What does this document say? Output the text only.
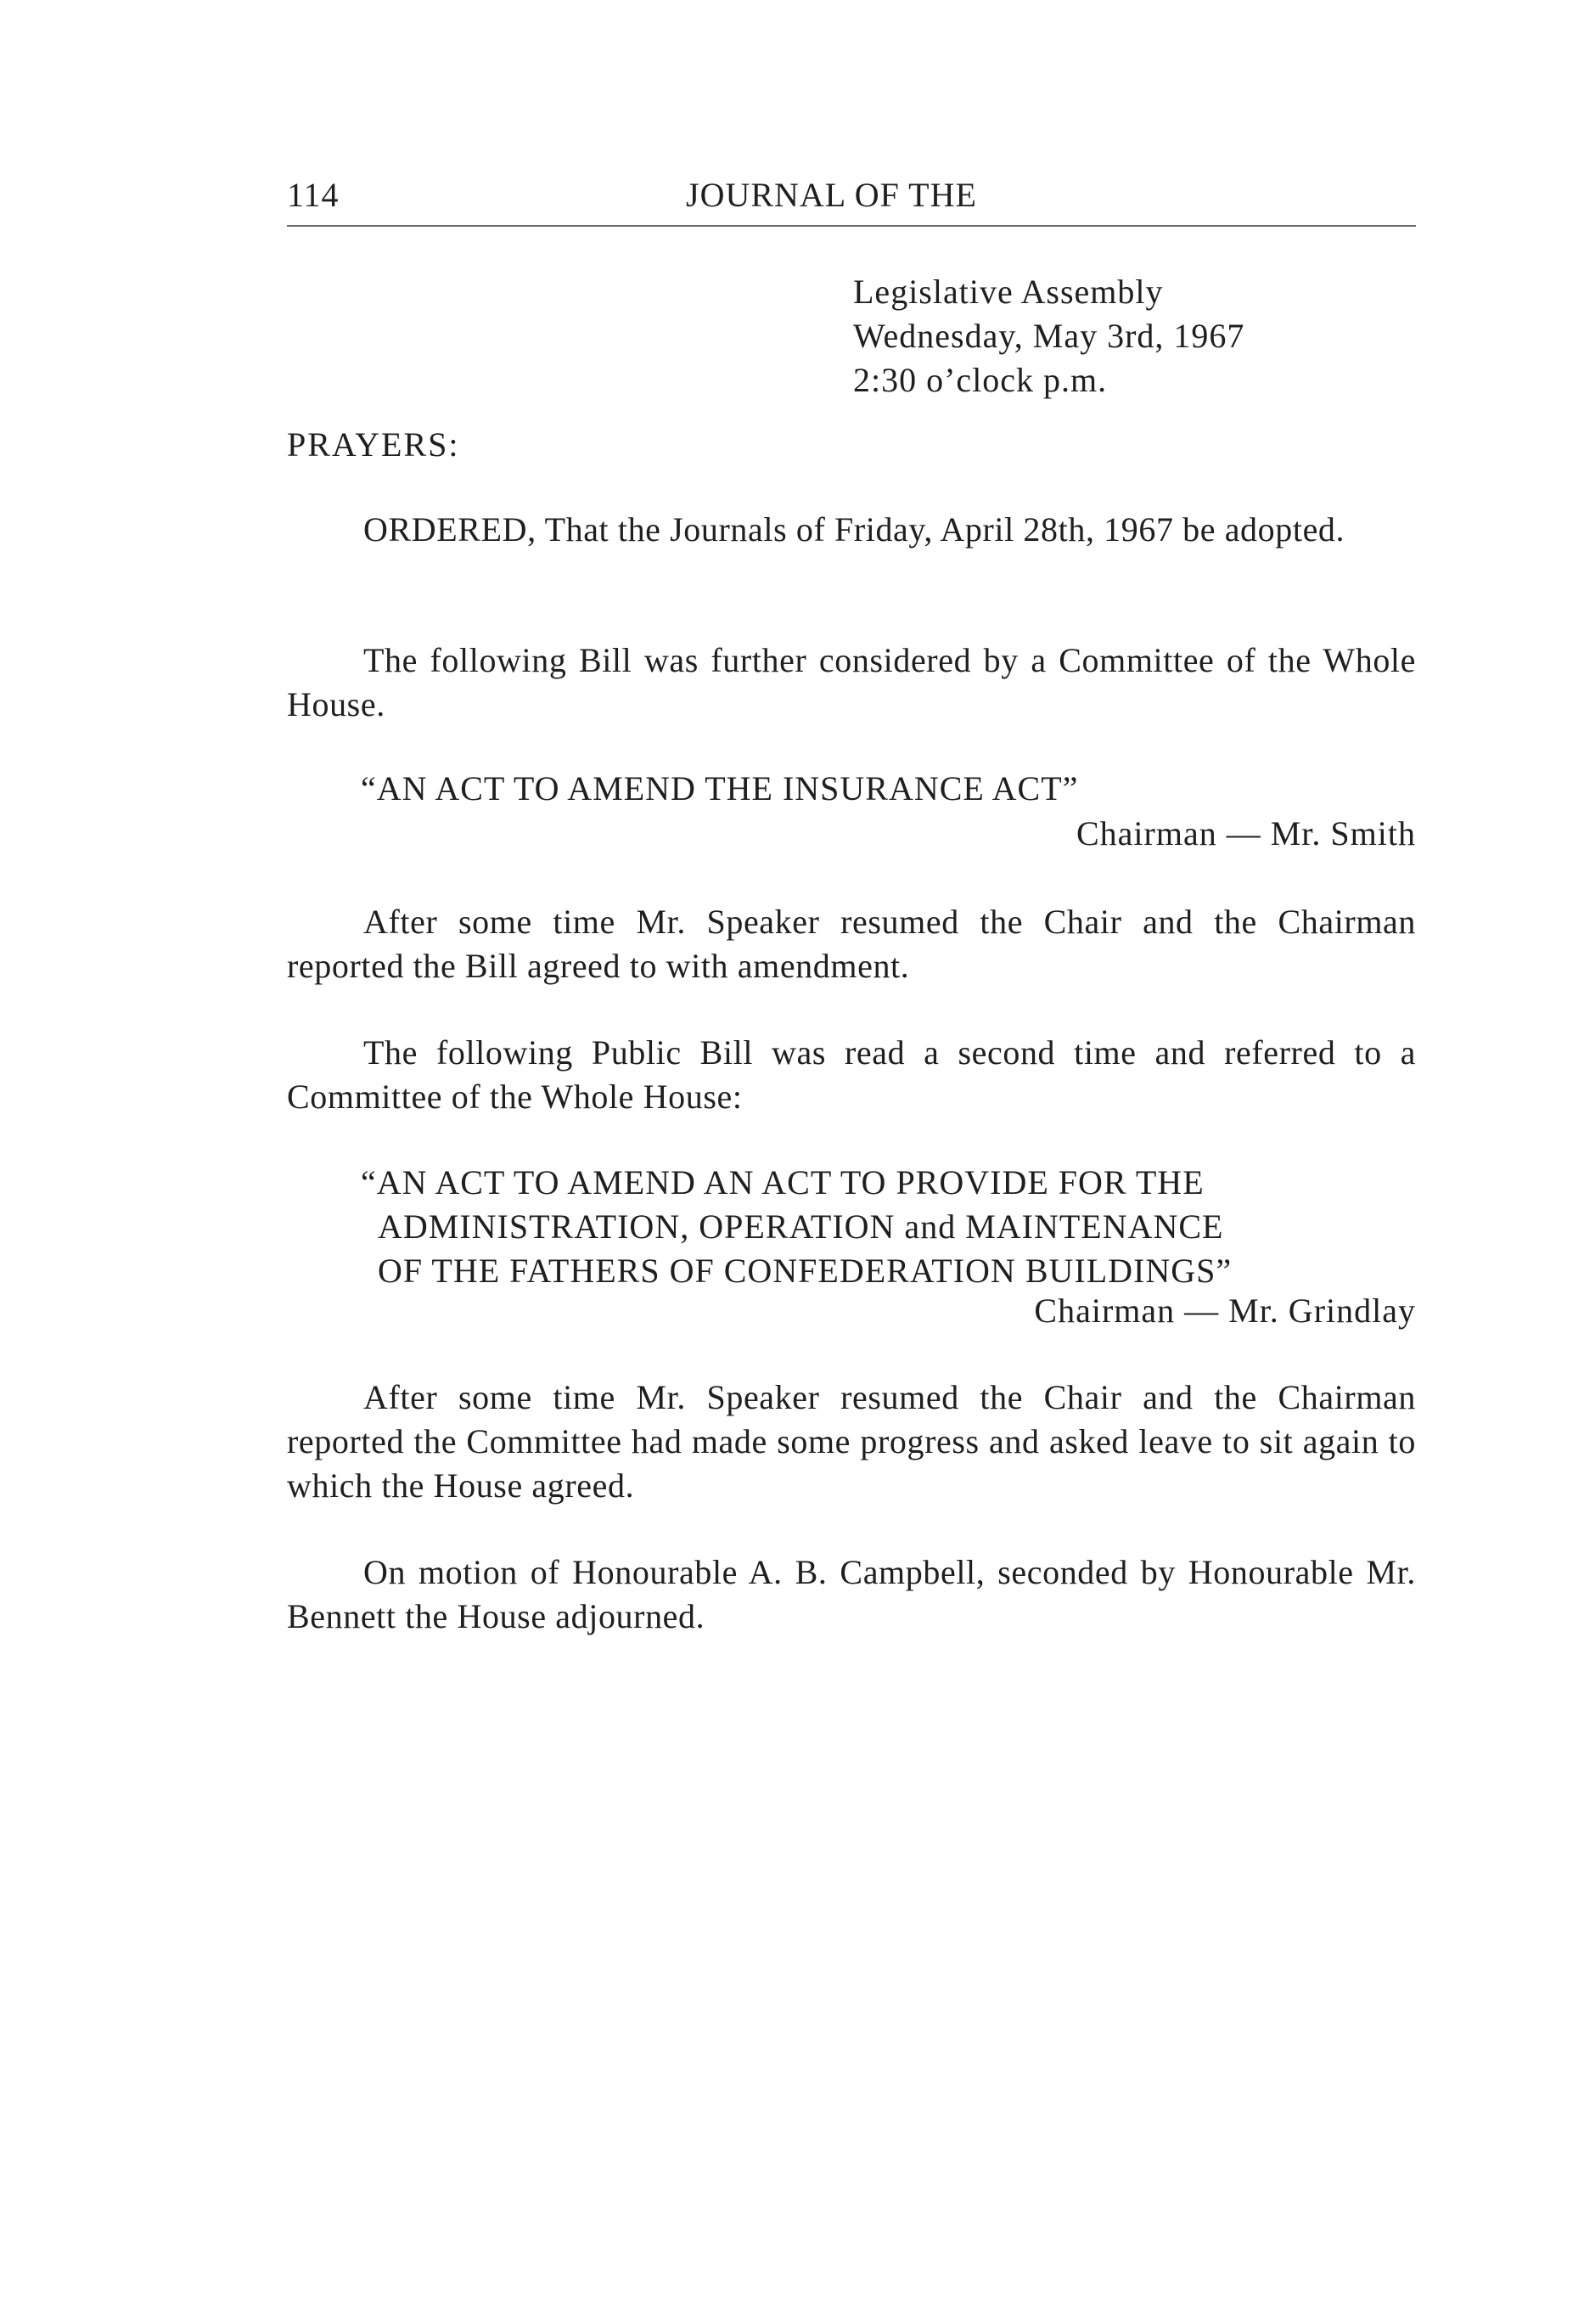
114	JOURNAL OF THE
Legislative Assembly
Wednesday, May 3rd, 1967
2:30 o’clock p.m.
PRAYERS:
ORDERED, That the Journals of Friday, April 28th, 1967 be adopted.
The following Bill was further considered by a Committee of the Whole House.
“AN ACT TO AMEND THE INSURANCE ACT”
Chairman — Mr. Smith
After some time Mr. Speaker resumed the Chair and the Chairman reported the Bill agreed to with amendment.
The following Public Bill was read a second time and referred to a Committee of the Whole House:
“AN ACT TO AMEND AN ACT TO PROVIDE FOR THE
ADMINISTRATION, OPERATION and MAINTENANCE
OF THE FATHERS OF CONFEDERATION BUILDINGS”
Chairman — Mr. Grindlay
After some time Mr. Speaker resumed the Chair and the Chairman reported the Committee had made some progress and asked leave to sit again to which the House agreed.
On motion of Honourable A. B. Campbell, seconded by Honourable Mr. Bennett the House adjourned.
